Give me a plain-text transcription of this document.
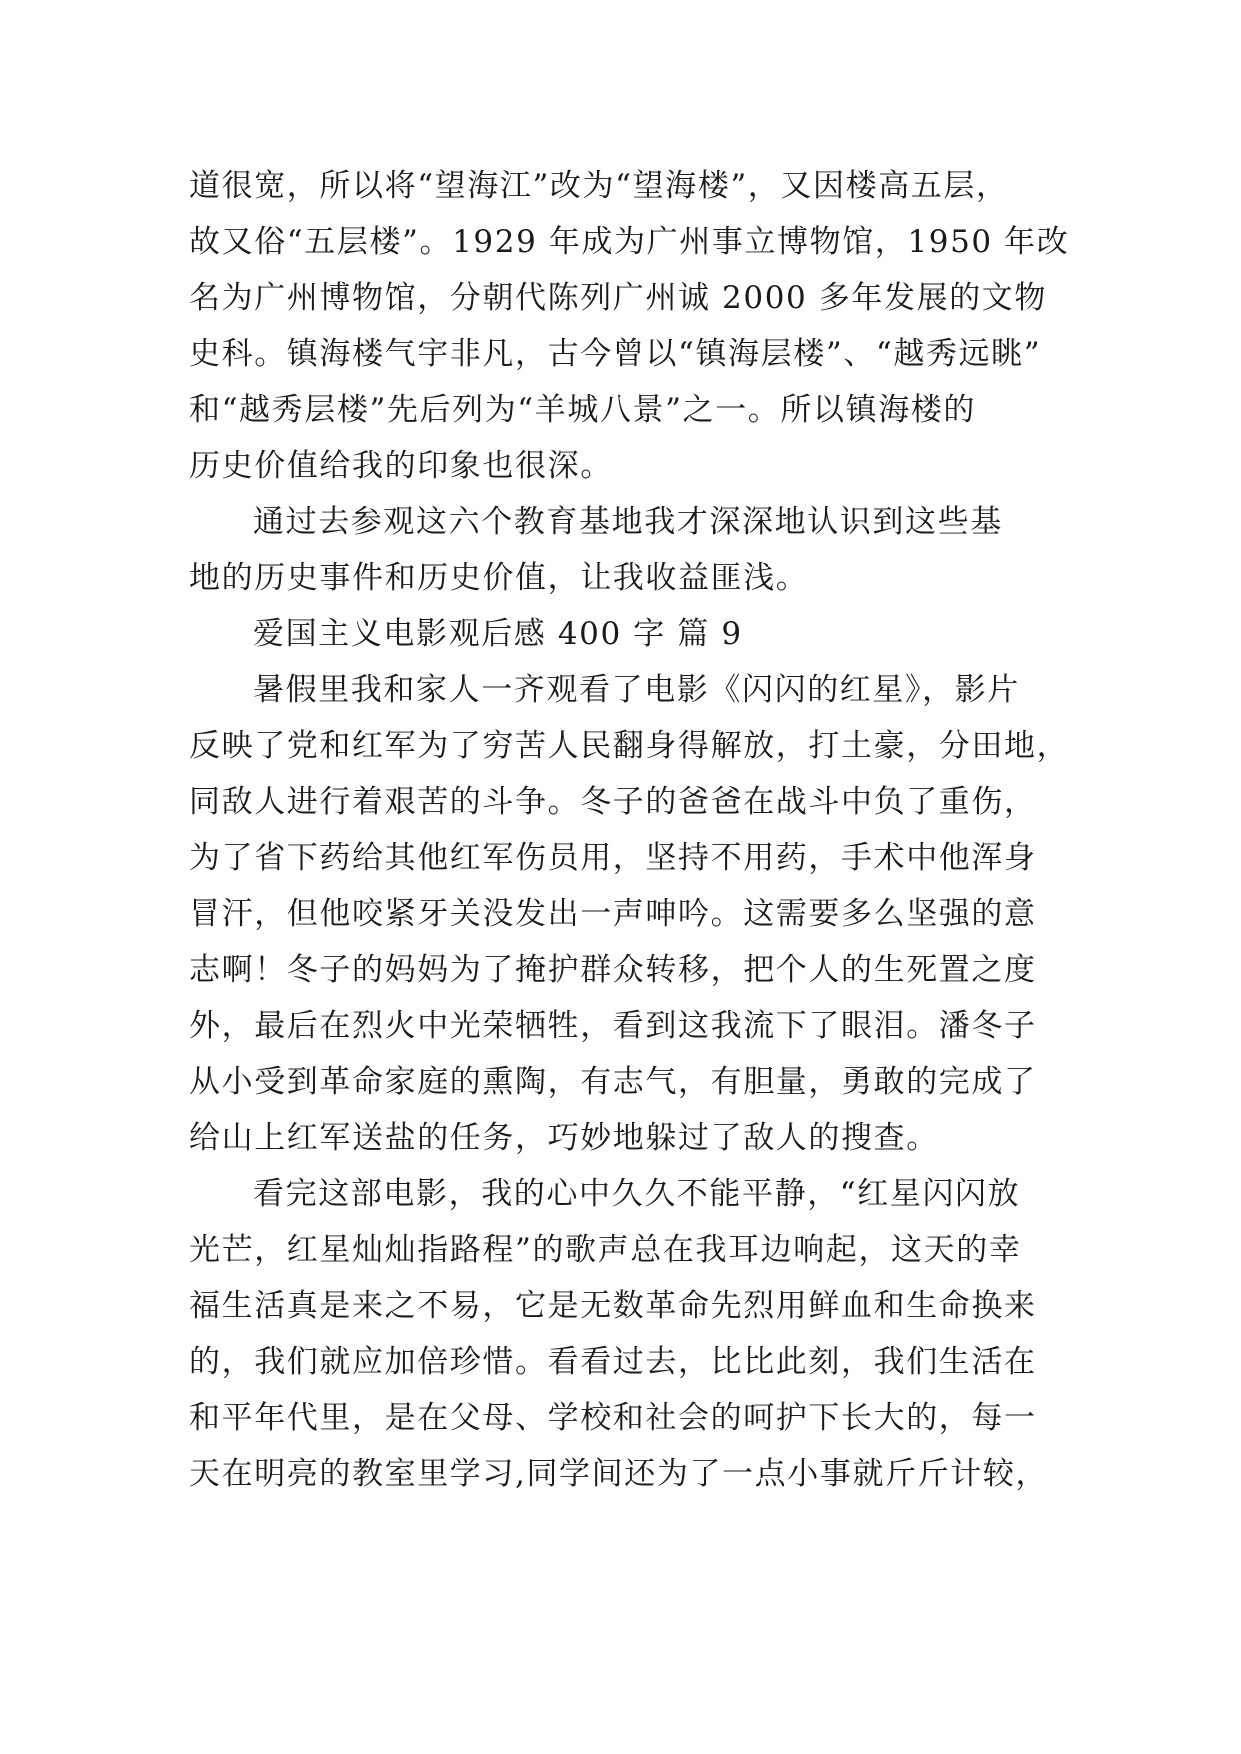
道很宽，所以将“望海江”改为“望海楼”，又因楼高五层，
故又俗“五层楼”。1929 年成为广州事立博物馆，1950 年改
名为广州博物馆，分朝代陈列广州诚 2000 多年发展的文物
史科。镇海楼气宇非凡，古今曾以“镇海层楼”、“越秀远眺”
和“越秀层楼”先后列为“羊城八景”之一。所以镇海楼的
历史价值给我的印象也很深。
通过去参观这六个教育基地我才深深地认识到这些基
地的历史事件和历史价值，让我收益匪浅。
爱国主义电影观后感 400 字 篇 9
暑假里我和家人一齐观看了电影《闪闪的红星》，影片
反映了党和红军为了穷苦人民翻身得解放，打土豪，分田地，
同敌人进行着艰苦的斗争。冬子的爸爸在战斗中负了重伤，
为了省下药给其他红军伤员用，坚持不用药，手术中他浑身
冒汗，但他咬紧牙关没发出一声呻吟。这需要多么坚强的意
志啊！冬子的妈妈为了掩护群众转移，把个人的生死置之度
外，最后在烈火中光荣牺牲，看到这我流下了眼泪。潘冬子
从小受到革命家庭的熏陶，有志气，有胆量，勇敢的完成了
给山上红军送盐的任务，巧妙地躲过了敌人的搜查。
看完这部电影，我的心中久久不能平静，“红星闪闪放
光芒，红星灿灿指路程”的歌声总在我耳边响起，这天的幸
福生活真是来之不易，它是无数革命先烈用鲜血和生命换来
的，我们就应加倍珍惜。看看过去，比比此刻，我们生活在
和平年代里，是在父母、学校和社会的呵护下长大的，每一
天在明亮的教室里学习,同学间还为了一点小事就斤斤计较，
